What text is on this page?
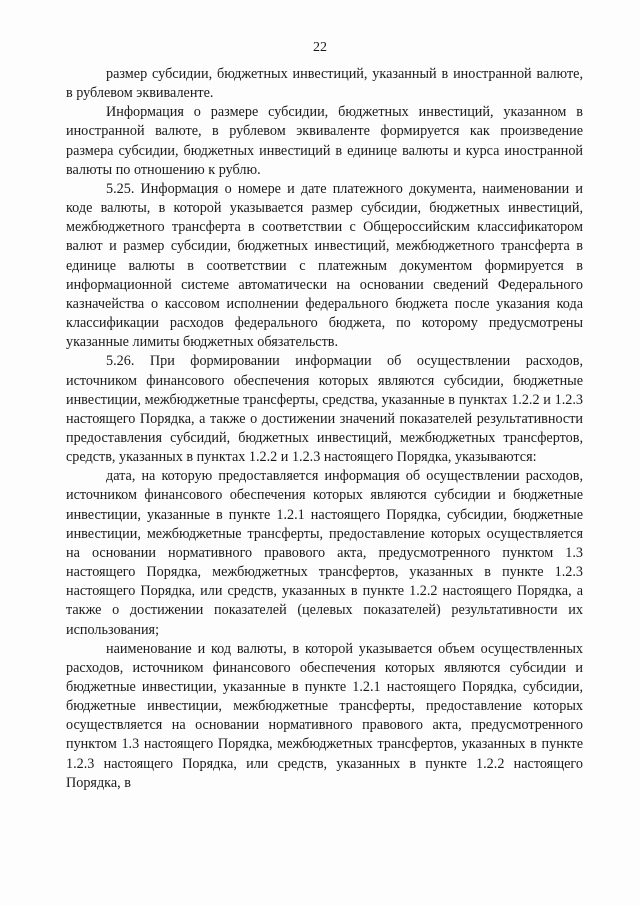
22

размер субсидии, бюджетных инвестиций, указанный в иностранной валюте, в рублевом эквиваленте.

Информация о размере субсидии, бюджетных инвестиций, указанном в иностранной валюте, в рублевом эквиваленте формируется как произведение размера субсидии, бюджетных инвестиций в единице валюты и курса иностранной валюты по отношению к рублю.

5.25. Информация о номере и дате платежного документа, наименовании и коде валюты, в которой указывается размер субсидии, бюджетных инвестиций, межбюджетного трансферта в соответствии с Общероссийским классификатором валют и размер субсидии, бюджетных инвестиций, межбюджетного трансферта в единице валюты в соответствии с платежным документом формируется в информационной системе автоматически на основании сведений Федерального казначейства о кассовом исполнении федерального бюджета после указания кода классификации расходов федерального бюджета, по которому предусмотрены указанные лимиты бюджетных обязательств.

5.26. При формировании информации об осуществлении расходов, источником финансового обеспечения которых являются субсидии, бюджетные инвестиции, межбюджетные трансферты, средства, указанные в пунктах 1.2.2 и 1.2.3 настоящего Порядка, а также о достижении значений показателей результативности предоставления субсидий, бюджетных инвестиций, межбюджетных трансфертов, средств, указанных в пунктах 1.2.2 и 1.2.3 настоящего Порядка, указываются:

дата, на которую предоставляется информация об осуществлении расходов, источником финансового обеспечения которых являются субсидии и бюджетные инвестиции, указанные в пункте 1.2.1 настоящего Порядка, субсидии, бюджетные инвестиции, межбюджетные трансферты, предоставление которых осуществляется на основании нормативного правового акта, предусмотренного пунктом 1.3 настоящего Порядка, межбюджетных трансфертов, указанных в пункте 1.2.3 настоящего Порядка, или средств, указанных в пункте 1.2.2 настоящего Порядка, а также о достижении показателей (целевых показателей) результативности их использования;

наименование и код валюты, в которой указывается объем осуществленных расходов, источником финансового обеспечения которых являются субсидии и бюджетные инвестиции, указанные в пункте 1.2.1 настоящего Порядка, субсидии, бюджетные инвестиции, межбюджетные трансферты, предоставление которых осуществляется на основании нормативного правового акта, предусмотренного пунктом 1.3 настоящего Порядка, межбюджетных трансфертов, указанных в пункте 1.2.3 настоящего Порядка, или средств, указанных в пункте 1.2.2 настоящего Порядка, в
